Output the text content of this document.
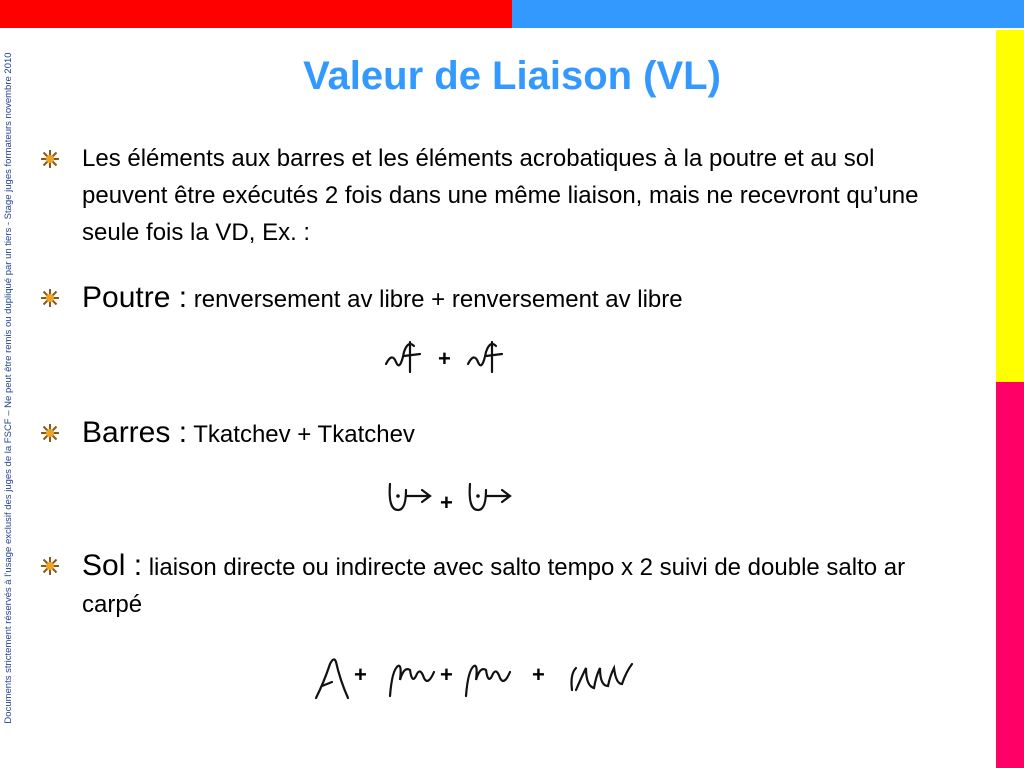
Documents strictement réservés à l’usage exclusif des juges de la FSCF – Ne peut être remis ou dupliqué par un tiers - Stage juges formateurs novembre 2010	Valeur de Liaison (VL)
Les éléments aux barres et les éléments acrobatiques à la poutre et au sol peuvent être exécutés 2 fois dans une même liaison, mais ne recevront qu’une seule fois la VD, Ex. :
Poutre : renversement av libre + renversement av libre
Barres : Tkatchev + Tkatchev
Sol : liaison directe ou indirecte avec salto tempo x 2 suivi de double salto ar carpé
+
+
+	+	+
